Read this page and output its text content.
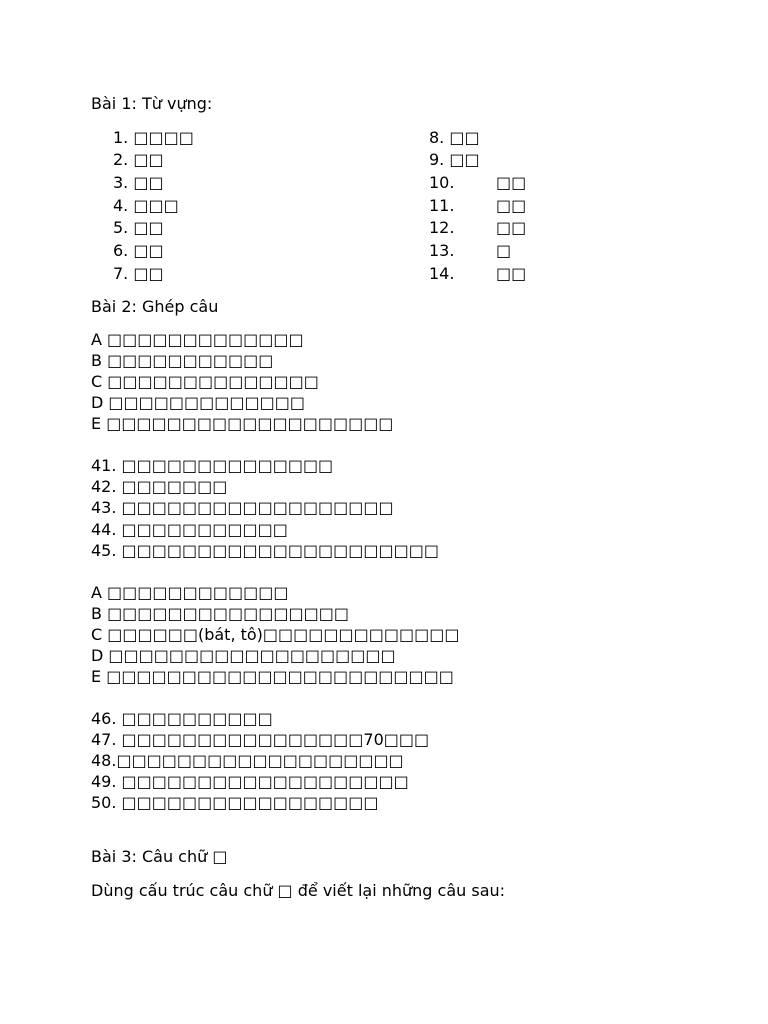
Bài 1: Từ vựng:
1. □□□□
2. □□
3. □□
4. □□□
5. □□
6. □□
7. □□
8. □□
9. □□
10.	□□
11.	□□
12.	□□
13.	□
14.	□□
Bài 2: Ghép câu
A □□□□□□□□□□□□□
B □□□□□□□□□□□
C □□□□□□□□□□□□□□
D □□□□□□□□□□□□□
E □□□□□□□□□□□□□□□□□□□
41. □□□□□□□□□□□□□□
42. □□□□□□□
43. □□□□□□□□□□□□□□□□□□
44. □□□□□□□□□□□
45. □□□□□□□□□□□□□□□□□□□□□
A □□□□□□□□□□□□
B □□□□□□□□□□□□□□□□
C □□□□□□(bát, tô)□□□□□□□□□□□□□
D □□□□□□□□□□□□□□□□□□□
E □□□□□□□□□□□□□□□□□□□□□□□
46. □□□□□□□□□□
47. □□□□□□□□□□□□□□□□70□□□
48.□□□□□□□□□□□□□□□□□□□
49. □□□□□□□□□□□□□□□□□□□
50. □□□□□□□□□□□□□□□□□
Bài 3: Câu chữ □
Dùng cấu trúc câu chữ □ để viết lại những câu sau:
